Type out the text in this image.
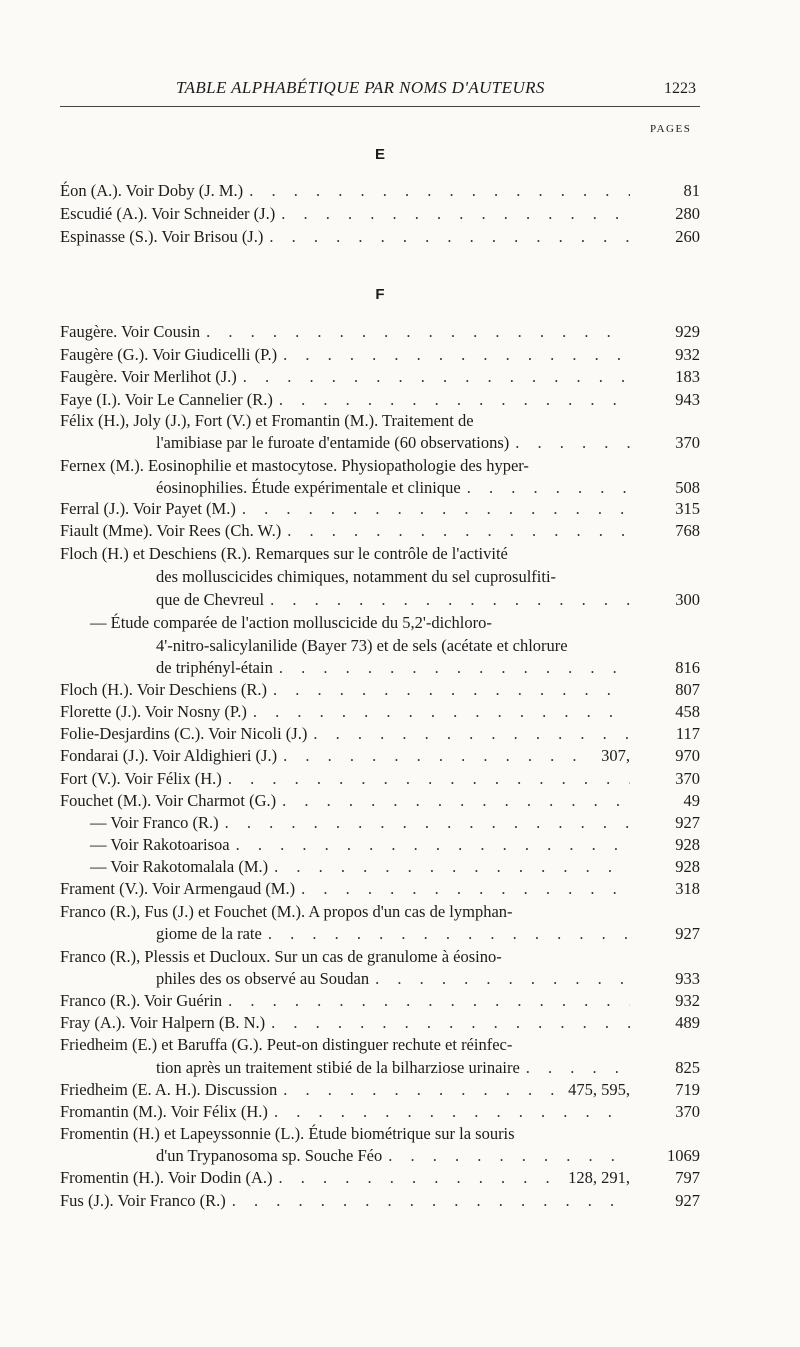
TABLE ALPHABÉTIQUE PAR NOMS D'AUTEURS	1223
PAGES
E
F
81
Éon (A.). Voir Doby (J. M.)
. . .
280
Escudié (A.). Voir Schneider (J.)
. . .
260
Espinasse (S.). Voir Brisou (J.)
. . .
929
Faugère. Voir Cousin
. . .
932
Faugère (G.). Voir Giudicelli (P.)
. . .
183
Faugère. Voir Merlihot (J.)
. . .
943
Faye (I.). Voir Le Cannelier (R.)
. . .
Félix (H.), Joly (J.), Fort (V.) et Fromantin (M.). Traitement de
370
l'amibiase par le furoate d'entamide (60 observations)
. . .
Fernex (M.). Eosinophilie et mastocytose. Physiopathologie des hyper-
508
éosinophilies. Étude expérimentale et clinique
. . .
315
Ferral (J.). Voir Payet (M.)
. . .
768
Fiault (Mme). Voir Rees (Ch. W.)
. . .
Floch (H.) et Deschiens (R.). Remarques sur le contrôle de l'activité
des molluscicides chimiques, notamment du sel cuprosulfiti-
300
que de Chevreul
. . .
— Étude comparée de l'action molluscicide du 5,2'-dichloro-
4'-nitro-salicylanilide (Bayer 73) et de sels (acétate et chlorure
816
de triphényl-étain
. . .
807
Floch (H.). Voir Deschiens (R.)
. . .
458
Florette (J.). Voir Nosny (P.)
. . .
117
Folie-Desjardins (C.). Voir Nicoli (J.)
. . .
970
307,
Fondarai (J.). Voir Aldighieri (J.)
. . .
370
Fort (V.). Voir Félix (H.)
. . .
49
Fouchet (M.). Voir Charmot (G.)
. . .
927
— Voir Franco (R.)
. . .
928
— Voir Rakotoarisoa
. . .
928
— Voir Rakotomalala (M.)
. . .
318
Frament (V.). Voir Armengaud (M.)
. . .
Franco (R.), Fus (J.) et Fouchet (M.). A propos d'un cas de lymphan-
927
giome de la rate
. . .
Franco (R.), Plessis et Ducloux. Sur un cas de granulome à éosino-
933
philes des os observé au Soudan
. . .
932
Franco (R.). Voir Guérin
. . .
489
Fray (A.). Voir Halpern (B. N.)
. . .
Friedheim (E.) et Baruffa (G.). Peut-on distinguer rechute et réinfec-
825
tion après un traitement stibié de la bilharziose urinaire
. . .
719
475, 595,
Friedheim (E. A. H.). Discussion
. . .
370
Fromantin (M.). Voir Félix (H.)
. . .
Fromentin (H.) et Lapeyssonnie (L.). Étude biométrique sur la souris
1069
d'un Trypanosoma sp. Souche Féo
. . .
797
128, 291,
Fromentin (H.). Voir Dodin (A.)
. . .
927
Fus (J.). Voir Franco (R.)
. . .
